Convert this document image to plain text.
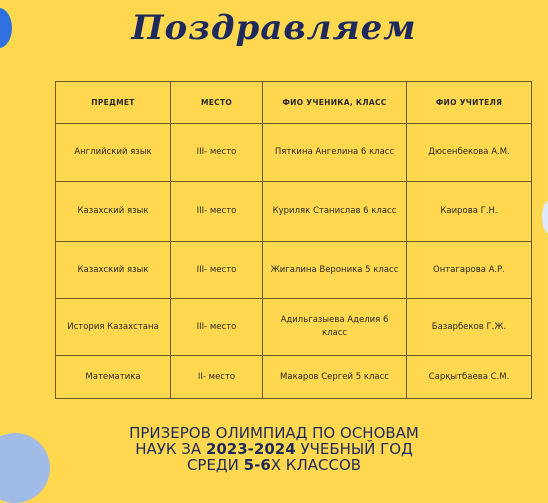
Поздравляем
ПРЕДМЕТ	МЕСТО	ФИО УЧЕНИКА, КЛАСС	ФИО УЧИТЕЛЯ
Английский язык	III- место	Пяткина Ангелина 6 класс	Дюсенбекова А.М.
Казахский язык	III- место	Куриляк Станислав 6 класс	Каирова Г.Н.
Казахский язык	III- место	Жигалина Вероника 5 класс	Онтагарова А.Р.
История Казахстана	III- место	Адильгазыева Аделия 6 класс	Базарбеков Г.Ж.
Математика	II- место	Макаров Сергей 5 класс	Сарқытбаева С.М.
ПРИЗЕРОВ ОЛИМПИАД ПО ОСНОВАМ
НАУК ЗА 2023-2024 УЧЕБНЫЙ ГОД
СРЕДИ 5-6Х КЛАССОВ
